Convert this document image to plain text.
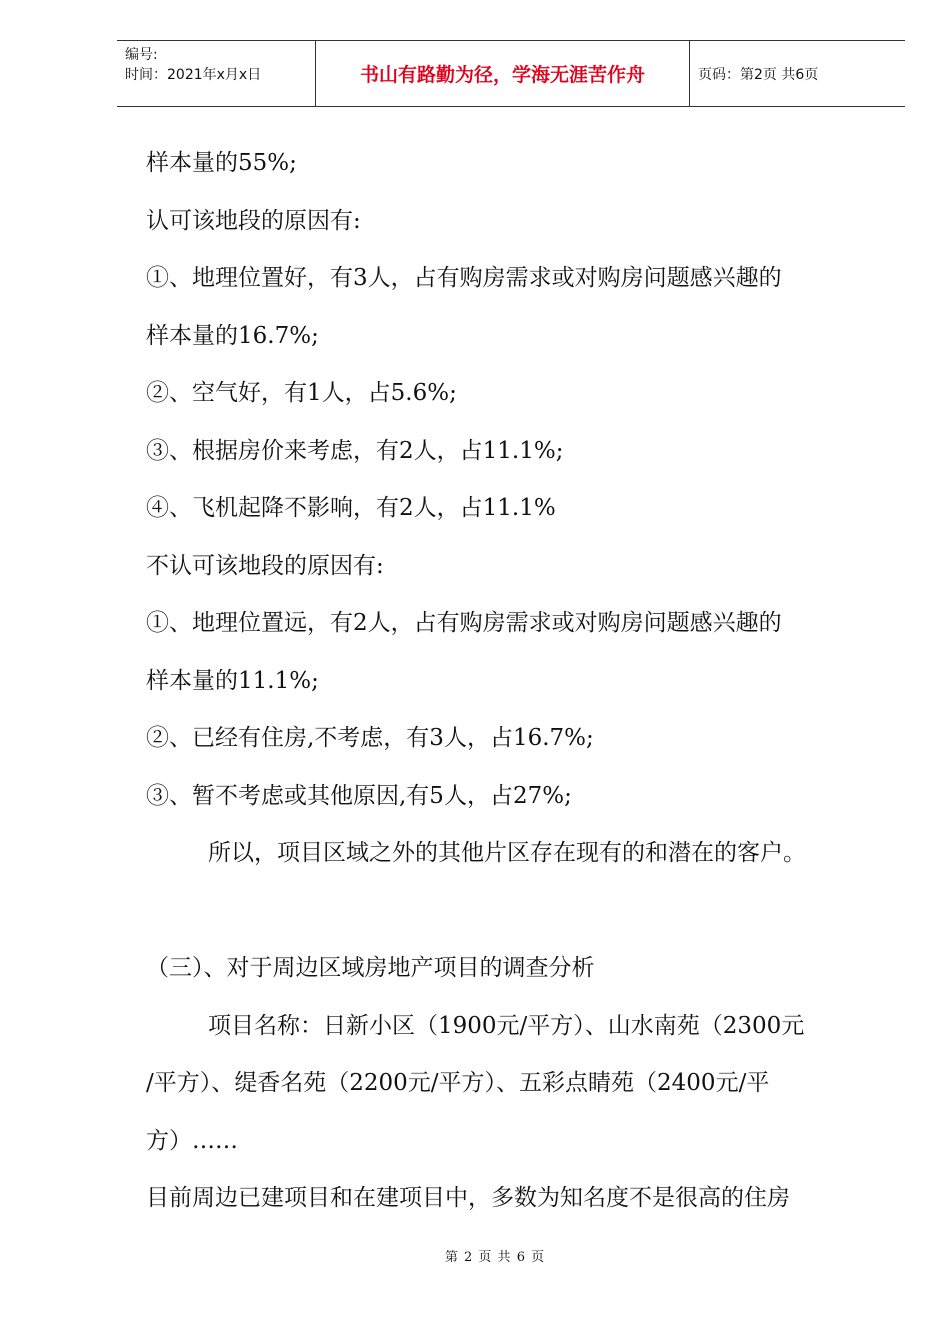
编号:
时间：2021年x月x日	书山有路勤为径，学海无涯苦作舟	页码：第2页 共6页
样本量的55%;
认可该地段的原因有:
①、地理位置好，有3人，占有购房需求或对购房问题感兴趣的
样本量的16.7%;
②、空气好，有1人，占5.6%;
③、根据房价来考虑，有2人，占11.1%;
④、飞机起降不影响，有2人，占11.1%
不认可该地段的原因有:
①、地理位置远，有2人，占有购房需求或对购房问题感兴趣的
样本量的11.1%;
②、已经有住房,不考虑，有3人，占16.7%;
③、暂不考虑或其他原因,有5人，占27%;
所以，项目区域之外的其他片区存在现有的和潜在的客户。
（三）、对于周边区域房地产项目的调查分析
项目名称：日新小区（1900元/平方）、山水南苑（2300元
/平方）、缇香名苑（2200元/平方）、五彩点睛苑（2400元/平
方）……
目前周边已建项目和在建项目中，多数为知名度不是很高的住房
第 2 页 共 6 页
